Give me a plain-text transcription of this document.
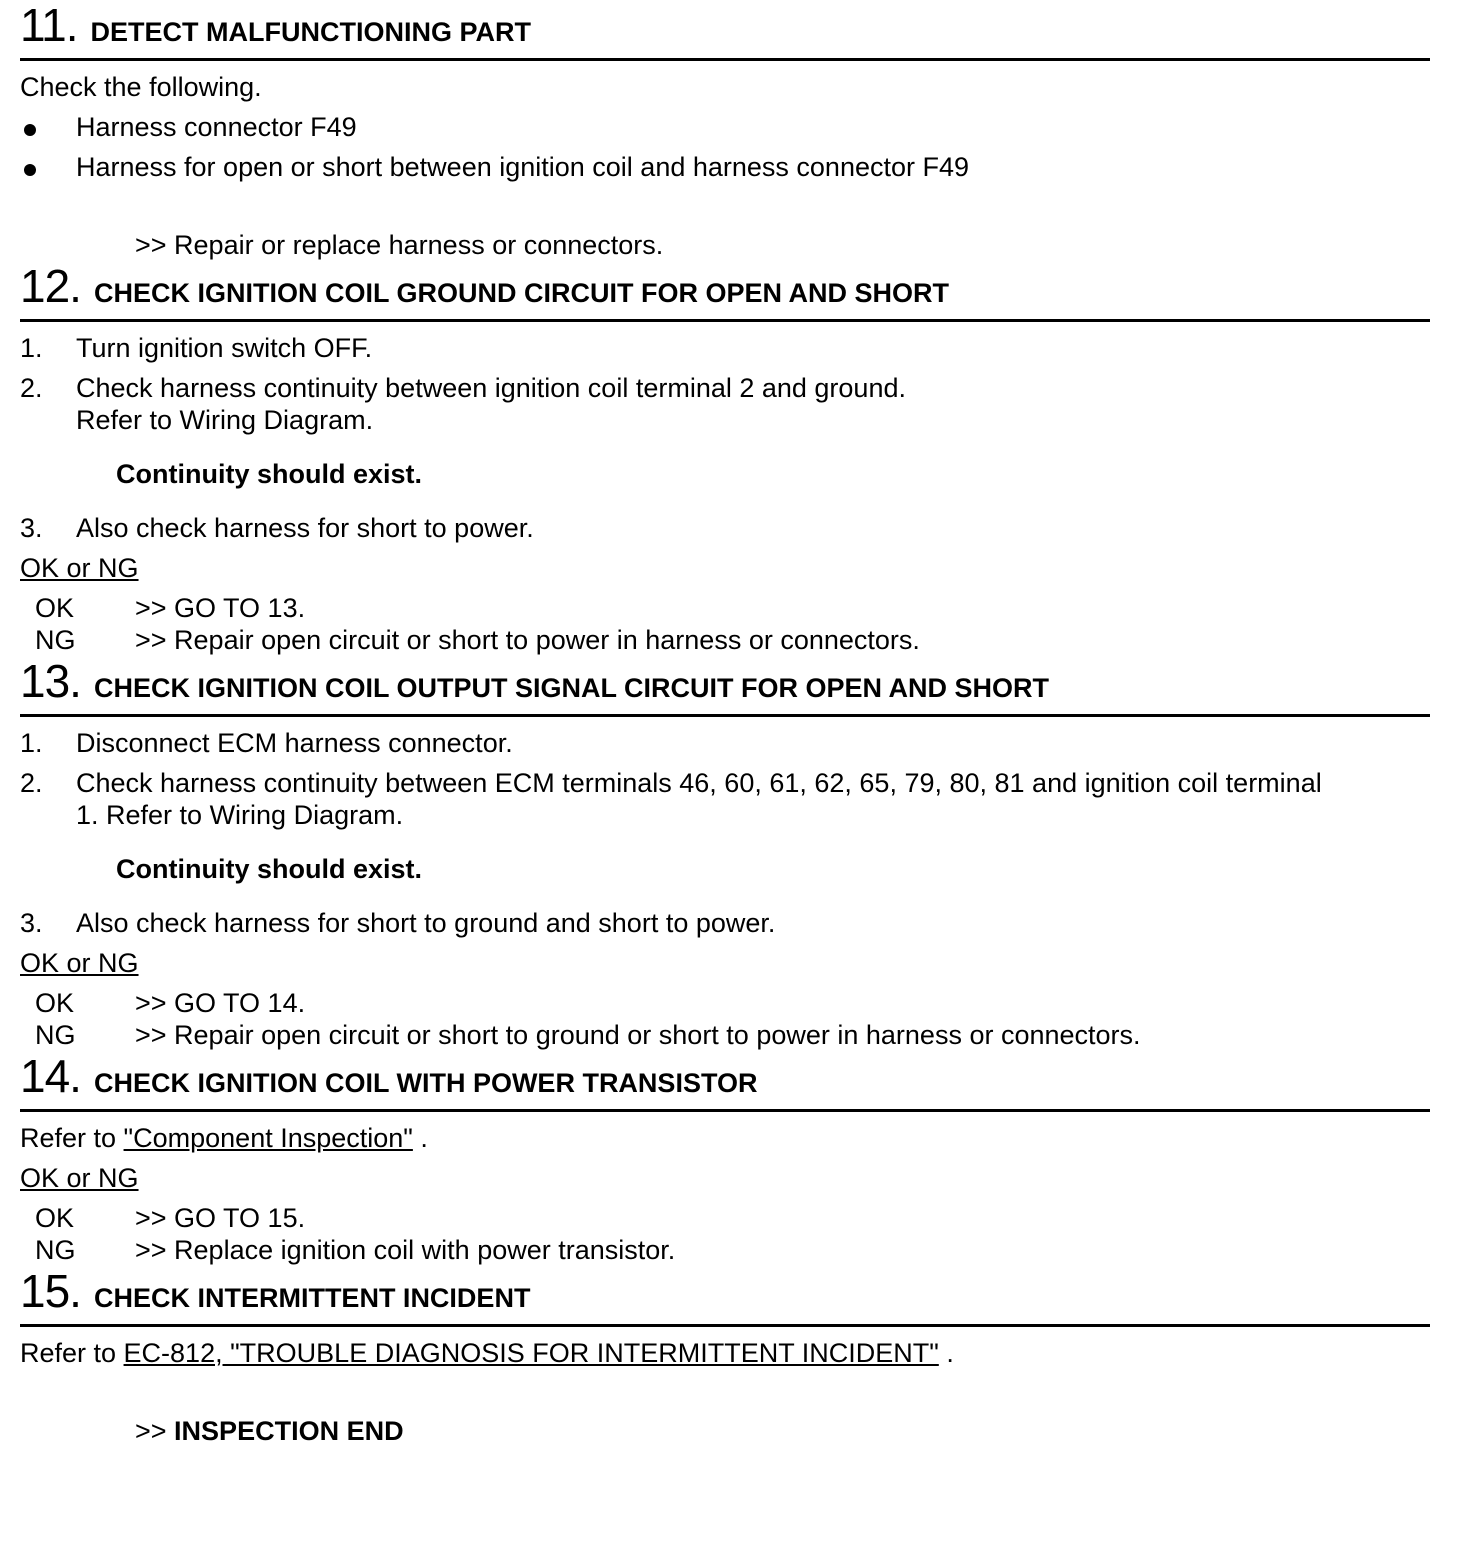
11 . DETECT MALFUNCTIONING PART
Check the following.
Harness connector F49
Harness for open or short between ignition coil and harness connector F49
>> Repair or replace harness or connectors.
12 . CHECK IGNITION COIL GROUND CIRCUIT FOR OPEN AND SHORT
1.	Turn ignition switch OFF.
2.	Check harness continuity between ignition coil terminal 2 and ground.
Refer to Wiring Diagram.
Continuity should exist.
3.	Also check harness for short to power.
OK or NG
OK	>> GO TO 13.
NG	>> Repair open circuit or short to power in harness or connectors.
13 . CHECK IGNITION COIL OUTPUT SIGNAL CIRCUIT FOR OPEN AND SHORT
1.	Disconnect ECM harness connector.
2.	Check harness continuity between ECM terminals 46, 60, 61, 62, 65, 79, 80, 81 and ignition coil terminal
1. Refer to Wiring Diagram.
Continuity should exist.
3.	Also check harness for short to ground and short to power.
OK or NG
OK	>> GO TO 14.
NG	>> Repair open circuit or short to ground or short to power in harness or connectors.
14 . CHECK IGNITION COIL WITH POWER TRANSISTOR
Refer to "Component Inspection" .
OK or NG
OK	>> GO TO 15.
NG	>> Replace ignition coil with power transistor.
15 . CHECK INTERMITTENT INCIDENT
Refer to EC-812, "TROUBLE DIAGNOSIS FOR INTERMITTENT INCIDENT" .
>> INSPECTION END
